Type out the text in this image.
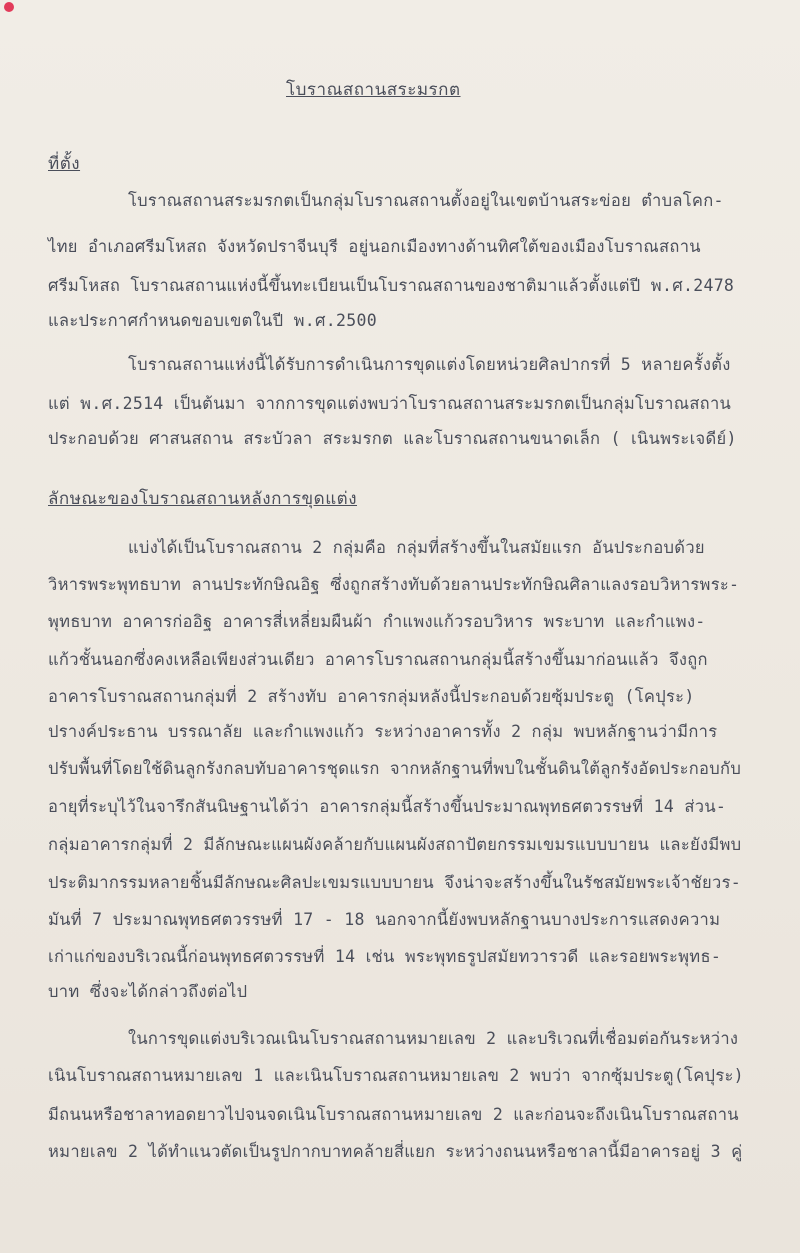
โบราณสถานสระมรกต
ที่ตั้ง
โบราณสถานสระมรกตเป็นกลุ่มโบราณสถานตั้งอยู่ในเขตบ้านสระข่อย ตำบลโคก-
ไทย อำเภอศรีมโหสถ จังหวัดปราจีนบุรี อยู่นอกเมืองทางด้านทิศใต้ของเมืองโบราณสถาน
ศรีมโหสถ โบราณสถานแห่งนี้ขึ้นทะเบียนเป็นโบราณสถานของชาติมาแล้วตั้งแต่ปี พ.ศ.2478
และประกาศกำหนดขอบเขตในปี พ.ศ.2500
โบราณสถานแห่งนี้ได้รับการดำเนินการขุดแต่งโดยหน่วยศิลปากรที่ 5 หลายครั้งตั้ง
แต่ พ.ศ.2514 เป็นต้นมา จากการขุดแต่งพบว่าโบราณสถานสระมรกตเป็นกลุ่มโบราณสถาน
ประกอบด้วย ศาสนสถาน สระบัวลา สระมรกต และโบราณสถานขนาดเล็ก ( เนินพระเจดีย์)
ลักษณะของโบราณสถานหลังการขุดแต่ง
แบ่งได้เป็นโบราณสถาน 2 กลุ่มคือ กลุ่มที่สร้างขึ้นในสมัยแรก อันประกอบด้วย
วิหารพระพุทธบาท ลานประทักษิณอิฐ ซึ่งถูกสร้างทับด้วยลานประทักษิณศิลาแลงรอบวิหารพระ-
พุทธบาท อาคารก่ออิฐ อาคารสี่เหลี่ยมผืนผ้า กำแพงแก้วรอบวิหาร พระบาท และกำแพง-
แก้วชั้นนอกซึ่งคงเหลือเพียงส่วนเดียว อาคารโบราณสถานกลุ่มนี้สร้างขึ้นมาก่อนแล้ว จึงถูก
อาคารโบราณสถานกลุ่มที่ 2 สร้างทับ อาคารกลุ่มหลังนี้ประกอบด้วยซุ้มประตู (โคปุระ)
ปรางค์ประธาน บรรณาลัย และกำแพงแก้ว ระหว่างอาคารทั้ง 2 กลุ่ม พบหลักฐานว่ามีการ
ปรับพื้นที่โดยใช้ดินลูกรังกลบทับอาคารชุดแรก จากหลักฐานที่พบในชั้นดินใต้ลูกรังอัดประกอบกับ
อายุที่ระบุไว้ในจารึกสันนิษฐานได้ว่า อาคารกลุ่มนี้สร้างขึ้นประมาณพุทธศตวรรษที่ 14 ส่วน-
กลุ่มอาคารกลุ่มที่ 2 มีลักษณะแผนผังคล้ายกับแผนผังสถาปัตยกรรมเขมรแบบบายน และยังมีพบ
ประติมากรรมหลายชิ้นมีลักษณะศิลปะเขมรแบบบายน จึงน่าจะสร้างขึ้นในรัชสมัยพระเจ้าชัยวร-
มันที่ 7 ประมาณพุทธศตวรรษที่ 17 - 18 นอกจากนี้ยังพบหลักฐานบางประการแสดงความ
เก่าแก่ของบริเวณนี้ก่อนพุทธศตวรรษที่ 14 เช่น พระพุทธรูปสมัยทวารวดี และรอยพระพุทธ-
บาท ซึ่งจะได้กล่าวถึงต่อไป
ในการขุดแต่งบริเวณเนินโบราณสถานหมายเลข 2 และบริเวณที่เชื่อมต่อกันระหว่าง
เนินโบราณสถานหมายเลข 1 และเนินโบราณสถานหมายเลข 2 พบว่า จากซุ้มประตู(โคปุระ)
มีถนนหรือชาลาทอดยาวไปจนจดเนินโบราณสถานหมายเลข 2 และก่อนจะถึงเนินโบราณสถาน
หมายเลข 2 ได้ทำแนวตัดเป็นรูปกากบาทคล้ายสี่แยก ระหว่างถนนหรือชาลานี้มีอาคารอยู่ 3 คู่
